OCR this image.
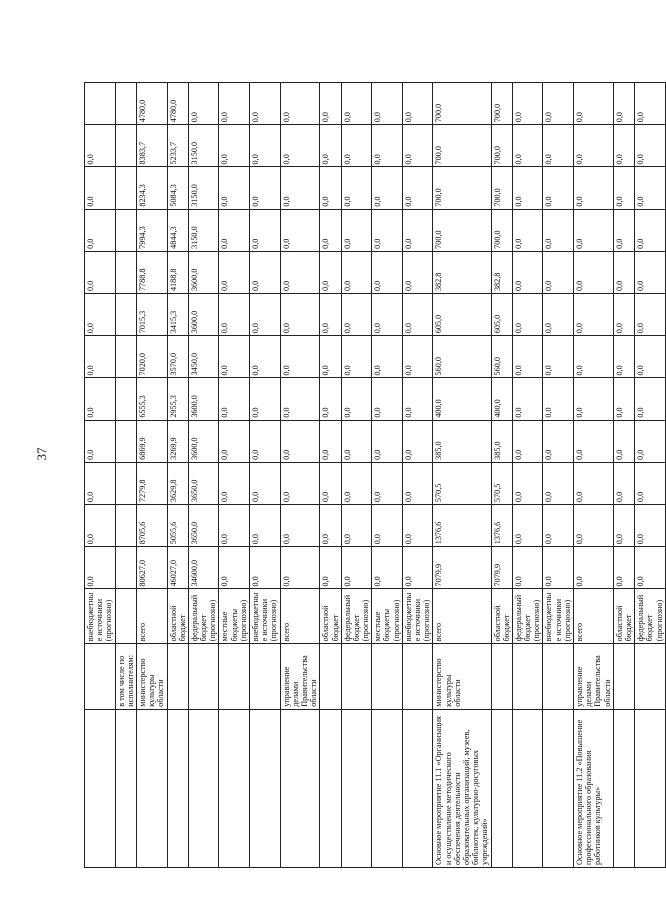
37
		внебюджетные источники (прогнозно)	0,0	0,0	0,0	0,0	0,0	0,0	0,0	0,0	0,0	0,0	0,0	
	в том числе по исполнителям:													
	министерство культуры области	всего	80627,0	8705,6	7279,8	6869,9	6555,3	7020,0	7015,3	7788,8	7994,3	8234,3	8383,7	4780,0
		областной бюджет	46027,0	5055,6	3629,8	3269,9	2955,3	3570,0	3415,3	4188,8	4844,3	5084,3	5233,7	4780,0
		федеральный бюджет (прогнозно)	34600,0	3650,0	3650,0	3600,0	3600,0	3450,0	3600,0	3600,0	3150,0	3150,0	3150,0	0,0
		местные бюджеты (прогнозно)	0,0	0,0	0,0	0,0	0,0	0,0	0,0	0,0	0,0	0,0	0,0	0,0
		внебюджетные источники (прогнозно)	0,0	0,0	0,0	0,0	0,0	0,0	0,0	0,0	0,0	0,0	0,0	0,0
	управление делами Правительства области	всего	0,0	0,0	0,0	0,0	0,0	0,0	0,0	0,0	0,0	0,0	0,0	0,0
		областной бюджет	0,0	0,0	0,0	0,0	0,0	0,0	0,0	0,0	0,0	0,0	0,0	0,0
		федеральный бюджет (прогнозно)	0,0	0,0	0,0	0,0	0,0	0,0	0,0	0,0	0,0	0,0	0,0	0,0
		местные бюджеты (прогнозно)	0,0	0,0	0,0	0,0	0,0	0,0	0,0	0,0	0,0	0,0	0,0	0,0
		внебюджетные источники (прогнозно)	0,0	0,0	0,0	0,0	0,0	0,0	0,0	0,0	0,0	0,0	0,0	0,0
Основное мероприятие 11.1 «Организация и осуществление методического обеспечения деятельности образовательных организаций, музеев, библиотек, культурно-досуговых учреждений»	министерство культуры области	всего	7079,9	1376,6	570,5	385,0	400,0	560,0	605,0	382,8	700,0	700,0	700,0	700,0
		областной бюджет	7079,9	1376,6	570,5	385,0	400,0	560,0	605,0	382,8	700,0	700,0	700,0	700,0
		федеральный бюджет (прогнозно)	0,0	0,0	0,0	0,0	0,0	0,0	0,0	0,0	0,0	0,0	0,0	0,0
		внебюджетные источники (прогнозно)	0,0	0,0	0,0	0,0	0,0	0,0	0,0	0,0	0,0	0,0	0,0	0,0
Основное мероприятие 11.2 «Повышение профессионального образования работников культуры»	управление делами Правительства области	всего	0,0	0,0	0,0	0,0	0,0	0,0	0,0	0,0	0,0	0,0	0,0	0,0
		областной бюджет	0,0	0,0	0,0	0,0	0,0	0,0	0,0	0,0	0,0	0,0	0,0	0,0
		федеральный бюджет (прогнозно)	0,0	0,0	0,0	0,0	0,0	0,0	0,0	0,0	0,0	0,0	0,0	0,0
